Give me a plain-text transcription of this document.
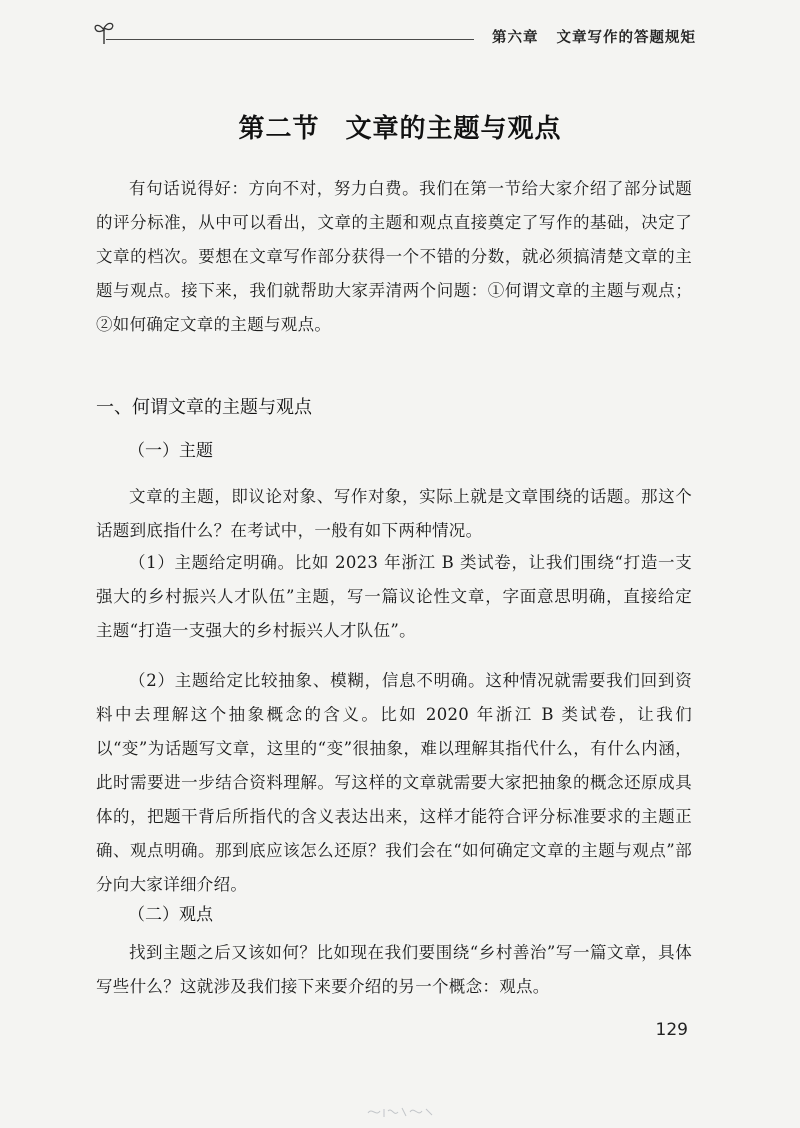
第六章 文章写作的答题规矩
第二节 文章的主题与观点

有句话说得好：方向不对，努力白费。我们在第一节给大家介绍了部分试题的评分标准，从中可以看出，文章的主题和观点直接奠定了写作的基础，决定了文章的档次。要想在文章写作部分获得一个不错的分数，就必须搞清楚文章的主题与观点。接下来，我们就帮助大家弄清两个问题：①何谓文章的主题与观点；②如何确定文章的主题与观点。

一、何谓文章的主题与观点
（一）主题

文章的主题，即议论对象、写作对象，实际上就是文章围绕的话题。那这个话题到底指什么？在考试中，一般有如下两种情况。

（1）主题给定明确。比如 2023 年浙江 B 类试卷，让我们围绕“打造一支强大的乡村振兴人才队伍”主题，写一篇议论性文章，字面意思明确，直接给定主题“打造一支强大的乡村振兴人才队伍”。

（2）主题给定比较抽象、模糊，信息不明确。这种情况就需要我们回到资料中去理解这个抽象概念的含义。比如 2020 年浙江 B 类试卷，让我们以“变”为话题写文章，这里的“变”很抽象，难以理解其指代什么，有什么内涵，此时需要进一步结合资料理解。写这样的文章就需要大家把抽象的概念还原成具体的，把题干背后所指代的含义表达出来，这样才能符合评分标准要求的主题正确、观点明确。那到底应该怎么还原？我们会在“如何确定文章的主题与观点”部分向大家详细介绍。

（二）观点

找到主题之后又该如何？比如现在我们要围绕“乡村善治”写一篇文章，具体写些什么？这就涉及我们接下来要介绍的另一个概念：观点。

129
